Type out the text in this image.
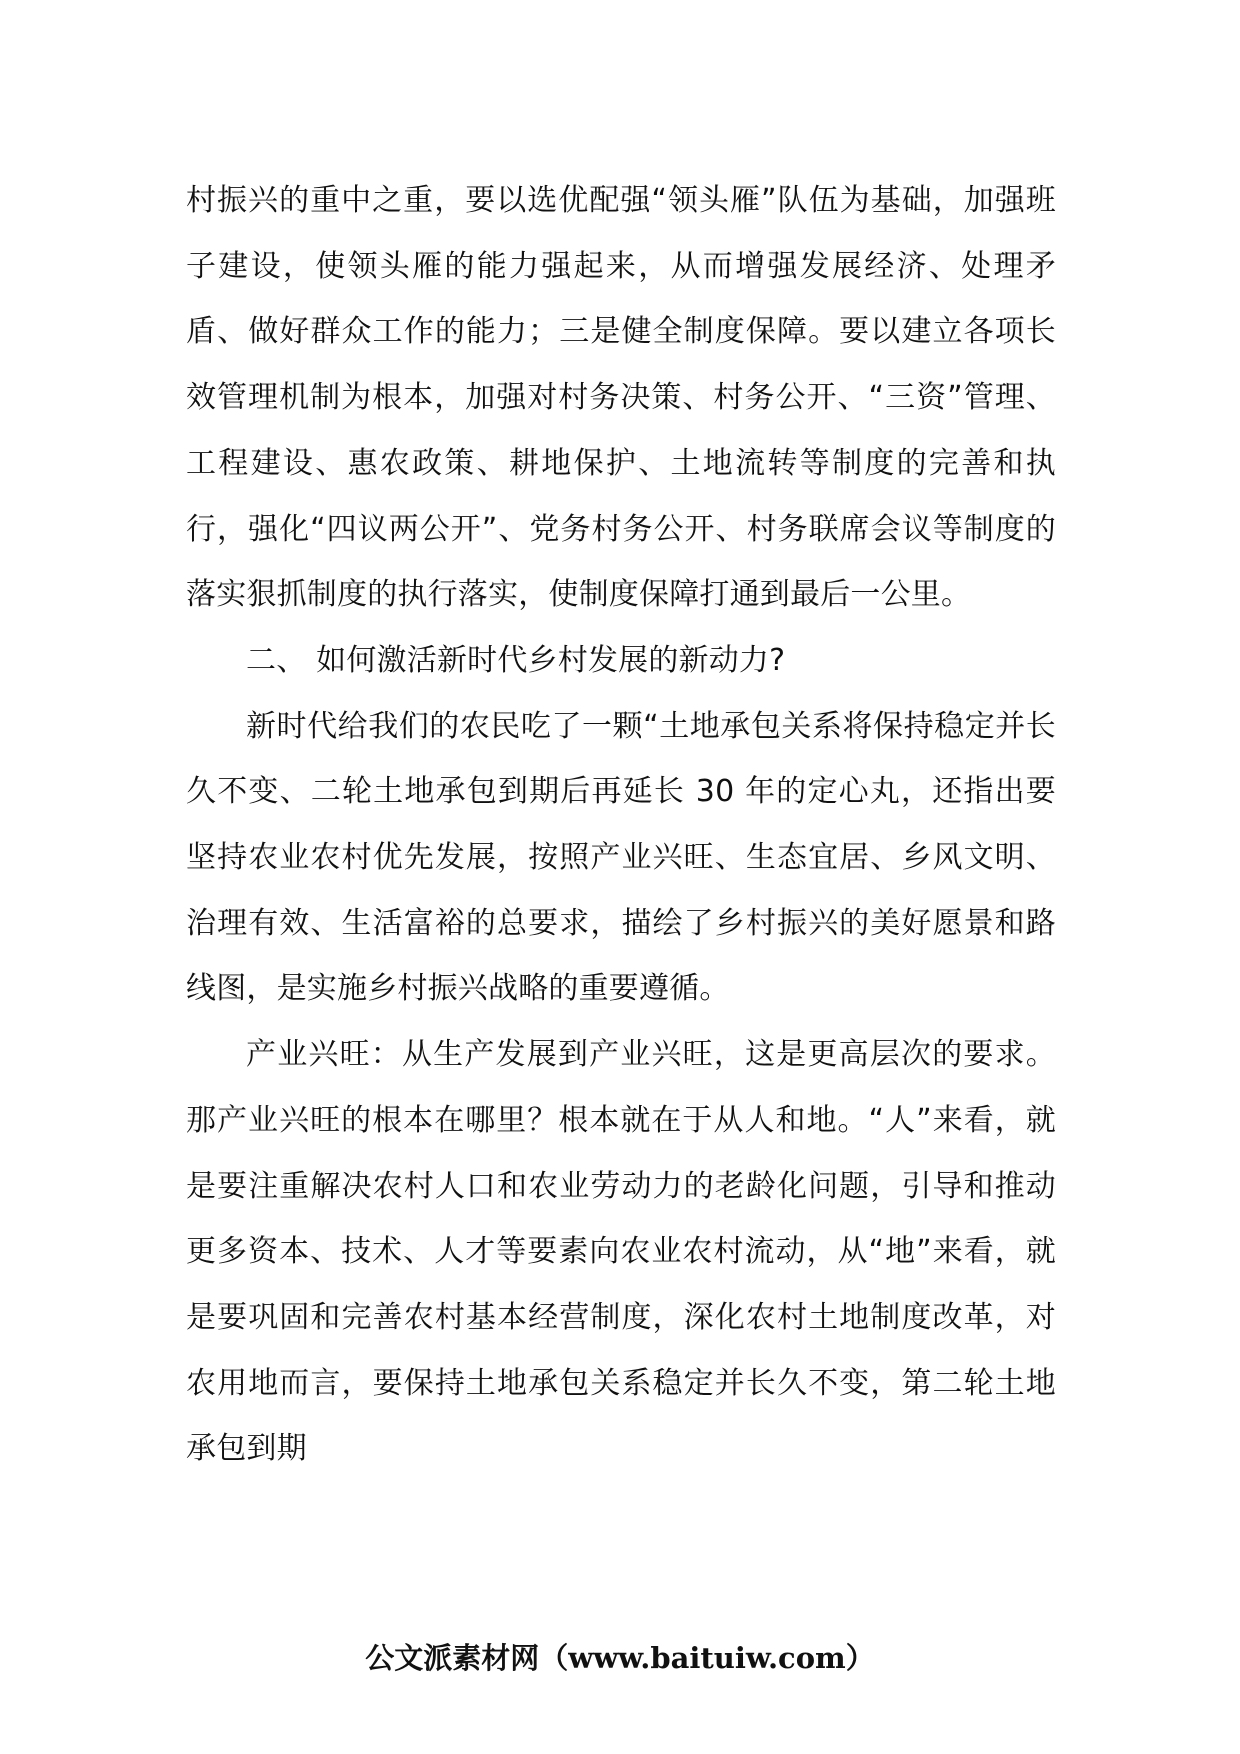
村振兴的重中之重，要以选优配强“领头雁”队伍为基础，加强班子建设，使领头雁的能力强起来，从而增强发展经济、处理矛盾、做好群众工作的能力；三是健全制度保障。要以建立各项长效管理机制为根本，加强对村务决策、村务公开、“三资”管理、工程建设、惠农政策、耕地保护、土地流转等制度的完善和执行，强化“四议两公开”、党务村务公开、村务联席会议等制度的落实狠抓制度的执行落实，使制度保障打通到最后一公里。

二、 如何激活新时代乡村发展的新动力?

新时代给我们的农民吃了一颗“土地承包关系将保持稳定并长久不变、二轮土地承包到期后再延长 30 年的定心丸，还指出要坚持农业农村优先发展，按照产业兴旺、生态宜居、乡风文明、治理有效、生活富裕的总要求，描绘了乡村振兴的美好愿景和路线图，是实施乡村振兴战略的重要遵循。

产业兴旺：从生产发展到产业兴旺，这是更高层次的要求。那产业兴旺的根本在哪里？根本就在于从人和地。“人”来看，就是要注重解决农村人口和农业劳动力的老龄化问题，引导和推动更多资本、技术、人才等要素向农业农村流动，从“地”来看，就是要巩固和完善农村基本经营制度，深化农村土地制度改革，对农用地而言，要保持土地承包关系稳定并长久不变，第二轮土地承包到期

公文派素材网（www.baituiw.com）
